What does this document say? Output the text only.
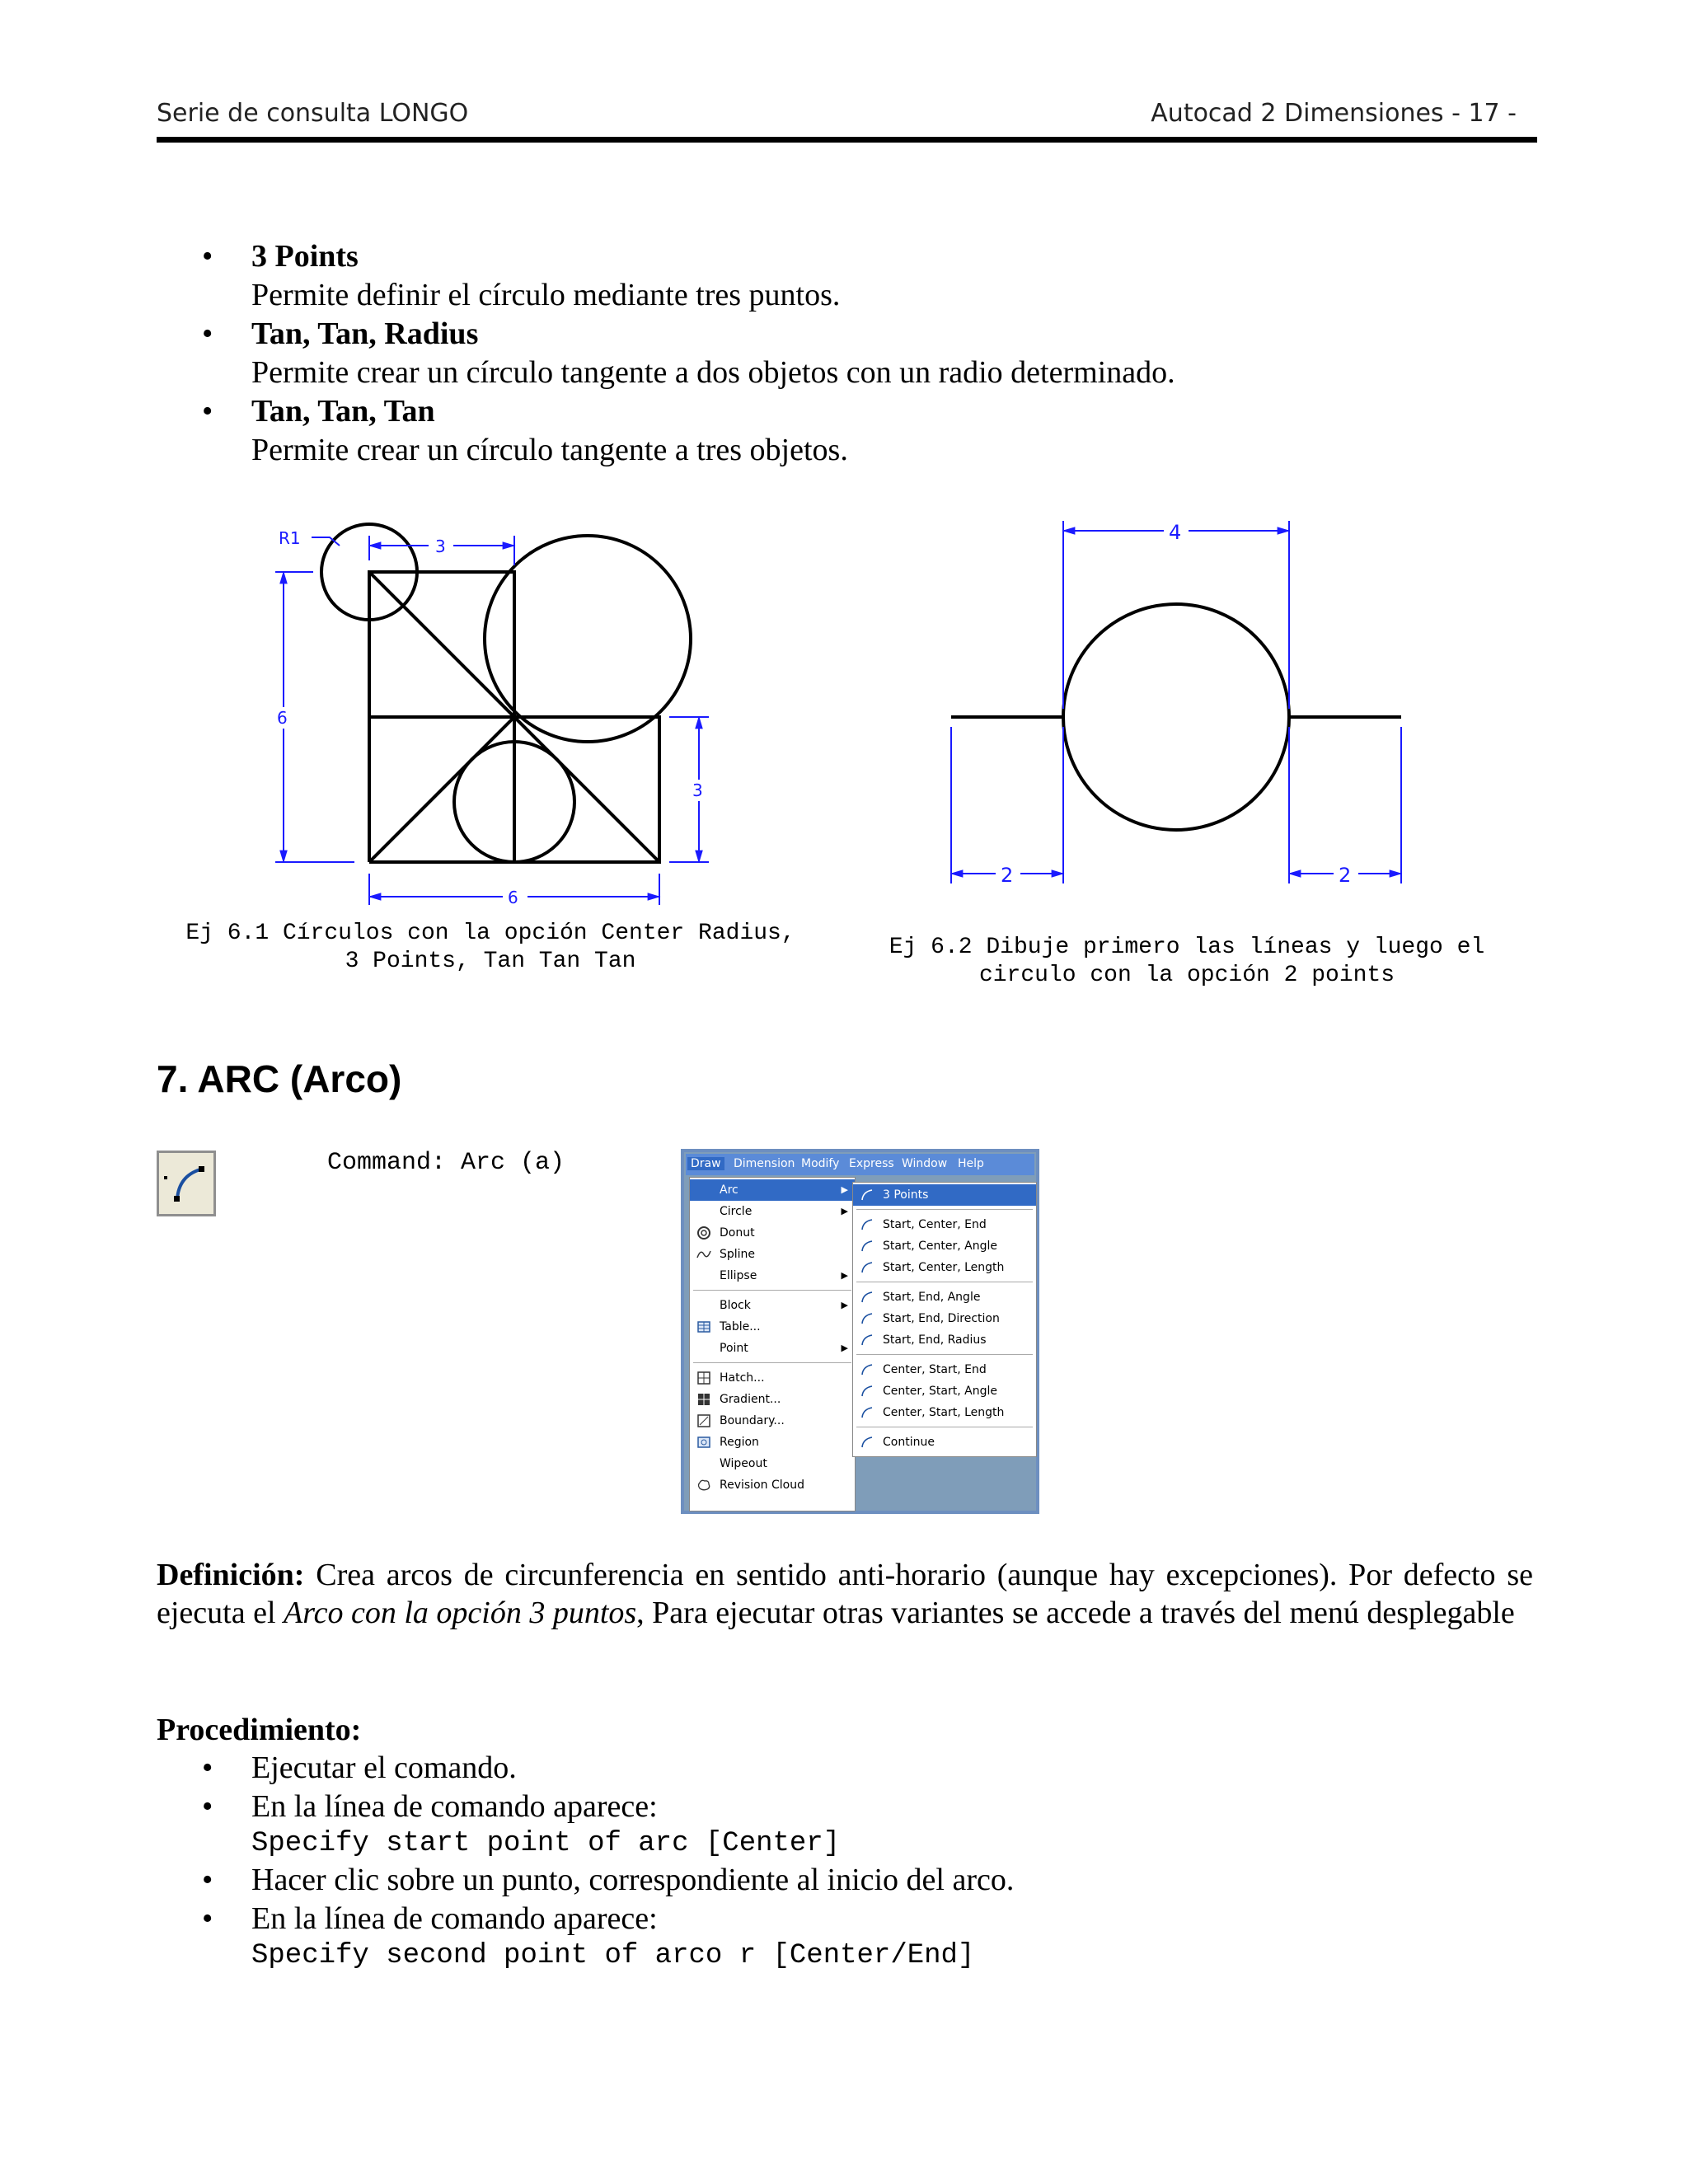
Serie de consulta LONGO	Autocad 2 Dimensiones - 17 -
• 3 Points
Permite definir el círculo mediante tres puntos.
• Tan, Tan, Radius
Permite crear un círculo tangente a dos objetos con un radio determinado.
• Tan, Tan, Tan
Permite crear un círculo tangente a tres objetos.
3
R1
6
3
6
Ej 6.1 Círculos con la opción Center Radius,
3 Points, Tan Tan Tan
4
2	2
Ej 6.2 Dibuje primero las líneas y luego el
circulo con la opción 2 points
7. ARC (Arco)
Command: Arc (a)	Draw Dimension Modify Express Window Help
Arc	▶
Circle	▶
Donut
Spline
Ellipse	▶
Block	▶
Table...
Point	▶
Hatch...
Gradient...
Boundary...
Region
Wipeout
Revision Cloud
3 Points
Start, Center, End
Start, Center, Angle
Start, Center, Length
Start, End, Angle
Start, End, Direction
Start, End, Radius
Center, Start, End
Center, Start, Angle
Center, Start, Length
Continue
Definición: Crea arcos de circunferencia en sentido anti-horario (aunque hay excepciones). Por defecto se ejecuta el Arco con la opción 3 puntos, Para ejecutar otras variantes se accede a través del menú desplegable
Procedimiento:
• Ejecutar el comando.
• En la línea de comando aparece:
Specify start point of arc [Center]
• Hacer clic sobre un punto, correspondiente al inicio del arco.
• En la línea de comando aparece:
Specify second point of arco r [Center/End]
